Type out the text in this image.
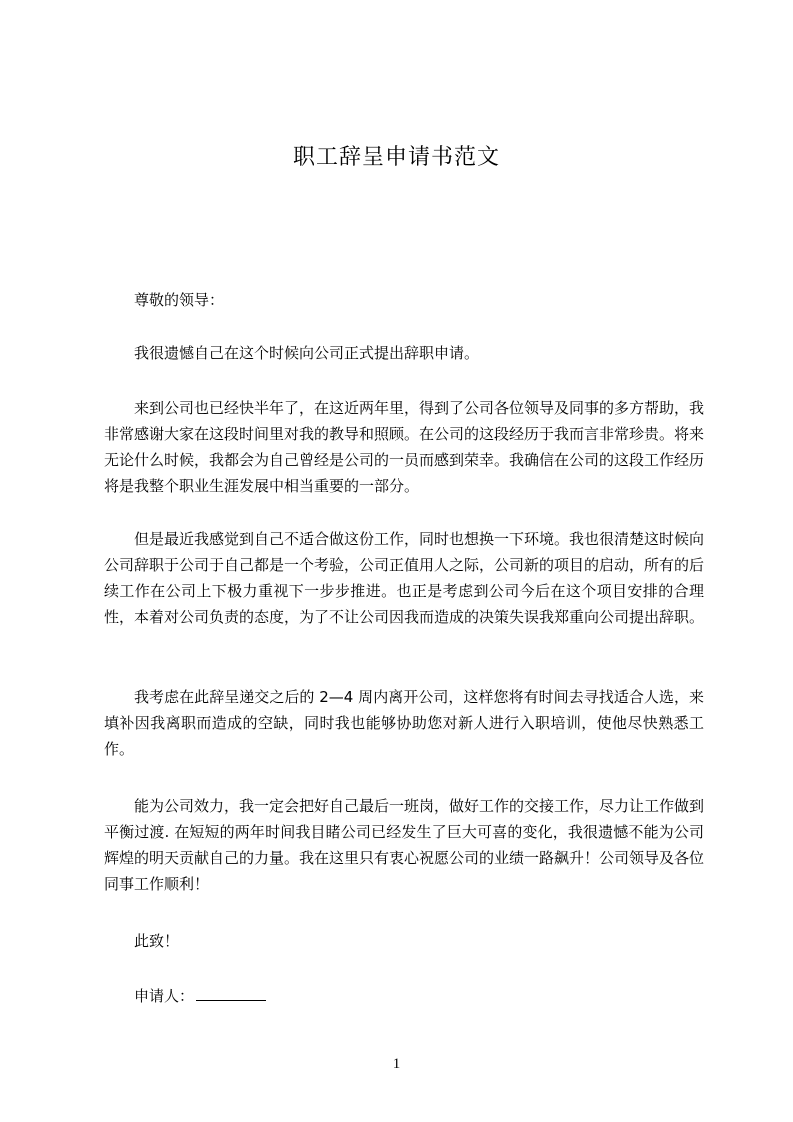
职工辞呈申请书范文

尊敬的领导：

我很遗憾自己在这个时候向公司正式提出辞职申请。

来到公司也已经快半年了，在这近两年里，得到了公司各位领导及同事的多方帮助，我非常感谢大家在这段时间里对我的教导和照顾。在公司的这段经历于我而言非常珍贵。将来无论什么时候，我都会为自己曾经是公司的一员而感到荣幸。我确信在公司的这段工作经历将是我整个职业生涯发展中相当重要的一部分。

但是最近我感觉到自己不适合做这份工作，同时也想换一下环境。我也很清楚这时候向公司辞职于公司于自己都是一个考验，公司正值用人之际，公司新的项目的启动，所有的后续工作在公司上下极力重视下一步步推进。也正是考虑到公司今后在这个项目安排的合理性，本着对公司负责的态度，为了不让公司因我而造成的决策失误我郑重向公司提出辞职。

我考虑在此辞呈递交之后的 2—4 周内离开公司，这样您将有时间去寻找适合人选，来填补因我离职而造成的空缺，同时我也能够协助您对新人进行入职培训，使他尽快熟悉工作。

能为公司效力，我一定会把好自己最后一班岗，做好工作的交接工作，尽力让工作做到平衡过渡. 在短短的两年时间我目睹公司已经发生了巨大可喜的变化，我很遗憾不能为公司辉煌的明天贡献自己的力量。我在这里只有衷心祝愿公司的业绩一路飙升！公司领导及各位同事工作顺利！

此致！

申请人：

1
